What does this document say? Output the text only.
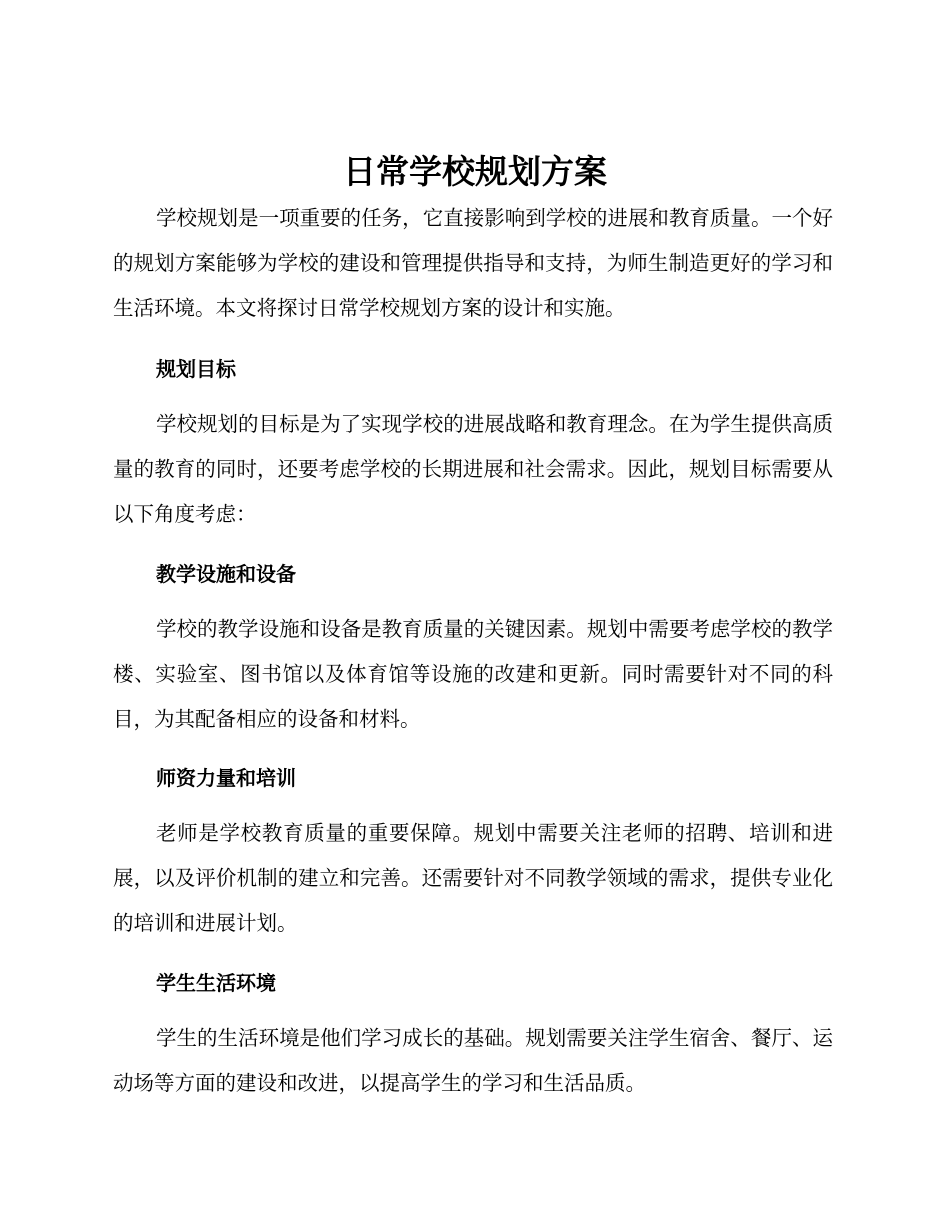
日常学校规划方案

学校规划是一项重要的任务，它直接影响到学校的进展和教育质量。一个好的规划方案能够为学校的建设和管理提供指导和支持，为师生制造更好的学习和生活环境。本文将探讨日常学校规划方案的设计和实施。

规划目标

学校规划的目标是为了实现学校的进展战略和教育理念。在为学生提供高质量的教育的同时，还要考虑学校的长期进展和社会需求。因此，规划目标需要从以下角度考虑：

教学设施和设备

学校的教学设施和设备是教育质量的关键因素。规划中需要考虑学校的教学楼、实验室、图书馆以及体育馆等设施的改建和更新。同时需要针对不同的科目，为其配备相应的设备和材料。

师资力量和培训

老师是学校教育质量的重要保障。规划中需要关注老师的招聘、培训和进展，以及评价机制的建立和完善。还需要针对不同教学领域的需求，提供专业化的培训和进展计划。

学生生活环境

学生的生活环境是他们学习成长的基础。规划需要关注学生宿舍、餐厅、运动场等方面的建设和改进，以提高学生的学习和生活品质。
